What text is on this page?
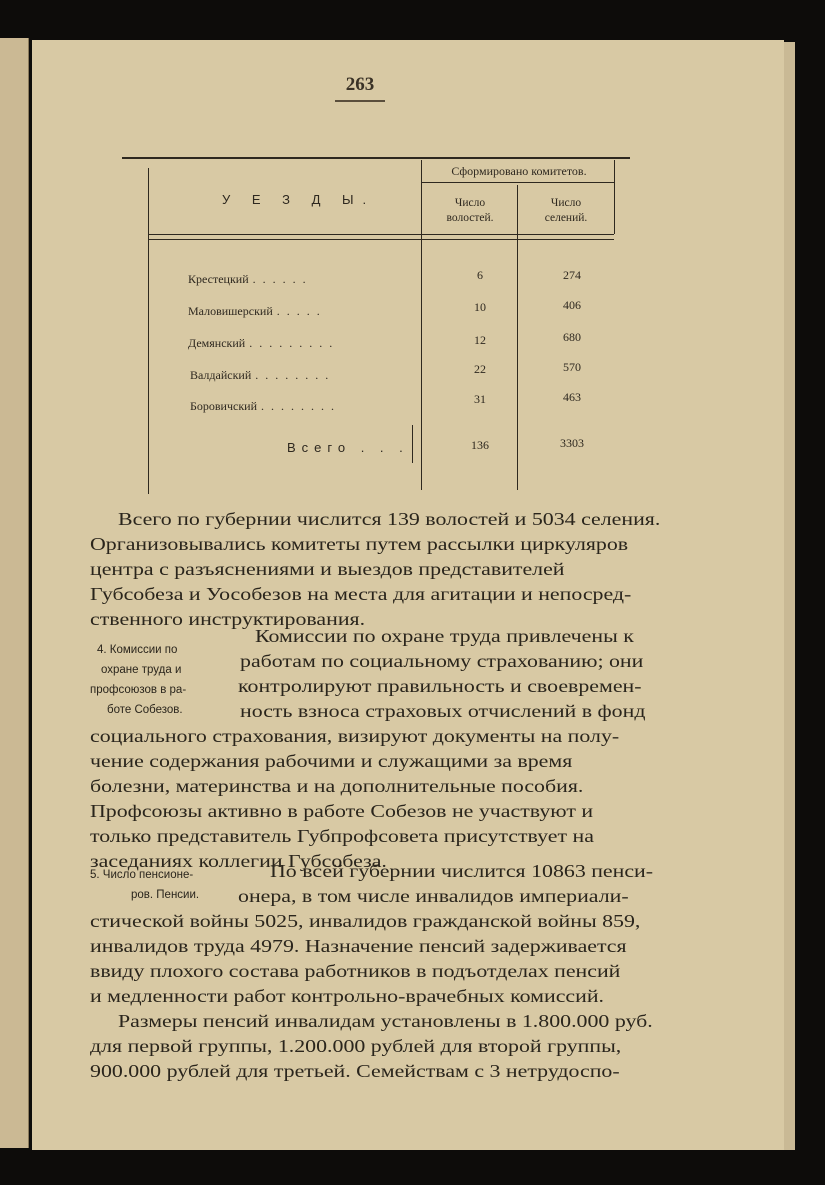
263
У Е З Д Ы.
Сформировано комитетов.
Число
волостей.
Число
селений.
Крестецкий . . . . . .	6	274
Маловишерский . . . . .	10	406
Демянский . . . . . . . . .	12	680
Валдайский . . . . . . . .	22	570
Боровичский . . . . . . . .	31	463
Всего . . .	136	3303
Всего по губернии числится 139 волостей и 5034 селения.
Организовывались комитеты путем рассылки циркуляров
центра с разъяснениями и выездов представителей
Губсобеза и Уособезов на места для агитации и непосред-
ственного инструктирования.
4. Комиссии по
охране труда и
профсоюзов в ра-
боте Собезов.
Комиссии по охране труда привлечены к
работам по социальному страхованию; они
контролируют правильность и своевремен-
ность взноса страховых отчислений в фонд
социального страхования, визируют документы на полу-
чение содержания рабочими и служащими за время
болезни, материнства и на дополнительные пособия.
Профсоюзы активно в работе Собезов не участвуют и
только представитель Губпрофсовета присутствует на
заседаниях коллегии Губсобеза.
5. Число пенсионе-
ров. Пенсии.
По всей губернии числится 10863 пенси-
онера, в том числе инвалидов империали-
стической войны 5025, инвалидов гражданской войны 859,
инвалидов труда 4979. Назначение пенсий задерживается
ввиду плохого состава работников в подъотделах пенсий
и медленности работ контрольно-врачебных комиссий.
Размеры пенсий инвалидам установлены в 1.800.000 руб.
для первой группы, 1.200.000 рублей для второй группы,
900.000 рублей для третьей. Семействам с 3 нетрудоспо-
